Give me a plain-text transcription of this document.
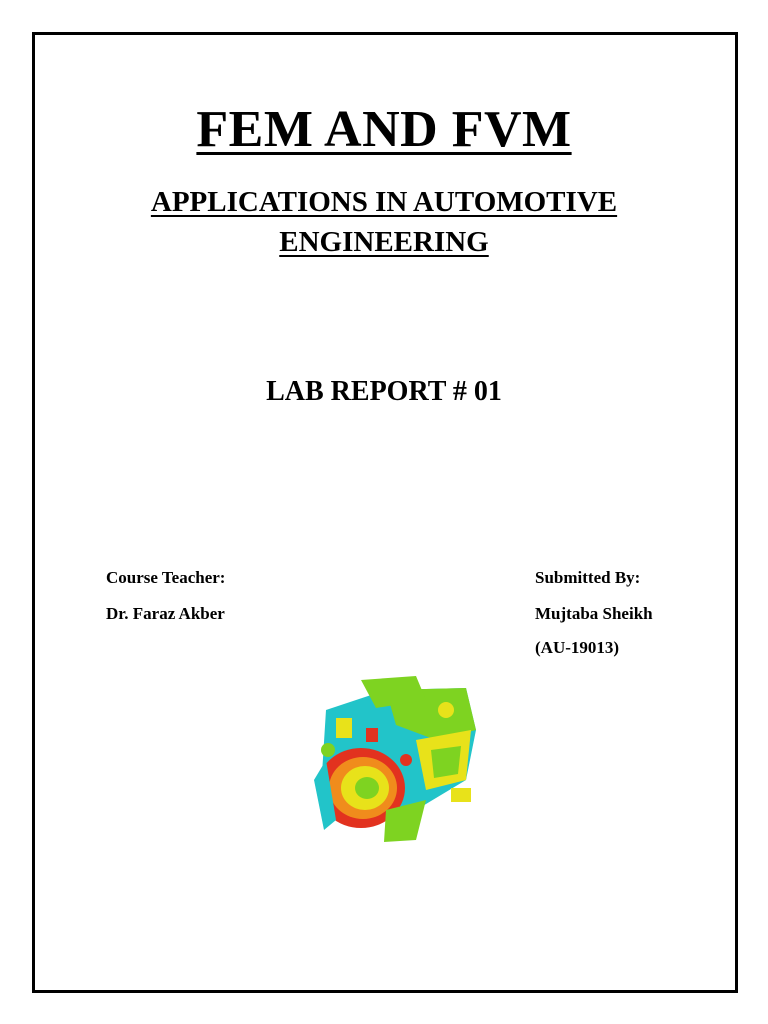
FEM AND FVM
APPLICATIONS IN AUTOMOTIVE
ENGINEERING
LAB REPORT # 01
Course Teacher:
Dr. Faraz Akber
Submitted By:
Mujtaba Sheikh
(AU-19013)
